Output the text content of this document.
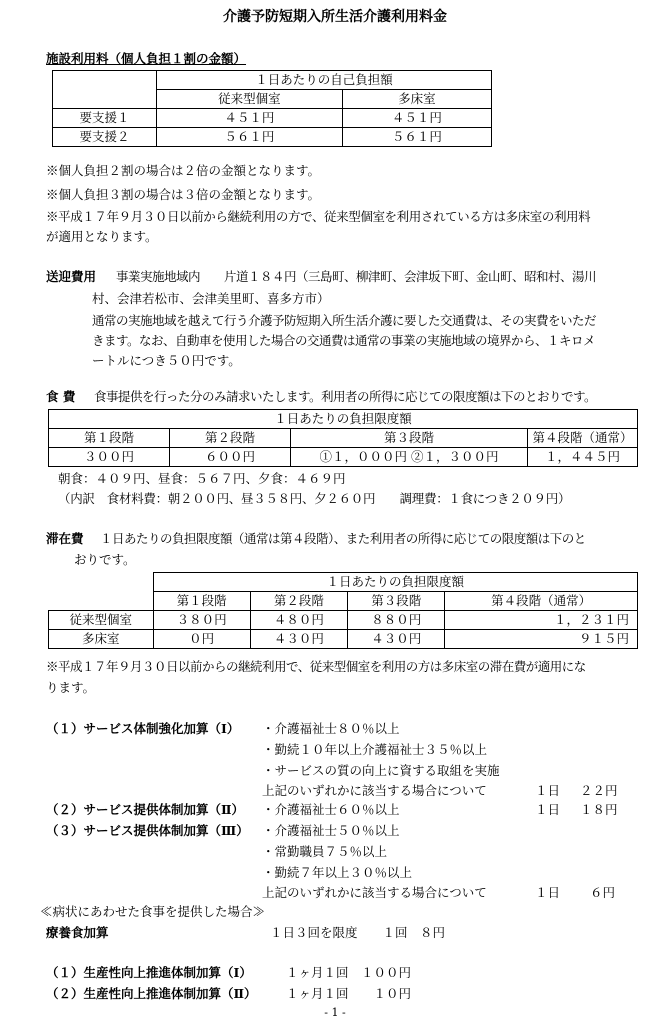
介護予防短期入所生活介護利用料金
施設利用料（個人負担１割の金額）
	１日あたりの自己負担額	
	従来型個室	多床室
要支援１	４５１円	４５１円
要支援２	５６１円	５６１円
※個人負担２割の場合は２倍の金額となります。
※個人負担３割の場合は３倍の金額となります。
※平成１７年９月３０日以前から継続利用の方で、従来型個室を利用されている方は多床室の利用料
が適用となります。
送迎費用 事業実施地域内　　片道１８４円（三島町、柳津町、会津坂下町、金山町、昭和村、湯川
村、会津若松市、会津美里町、喜多方市）
通常の実施地域を越えて行う介護予防短期入所生活介護に要した交通費は、その実費をいただ
きます。なお、自動車を使用した場合の交通費は通常の事業の実施地域の境界から、１キロメ
ートルにつき５０円です。
食 費 食事提供を行った分のみ請求いたします。利用者の所得に応じての限度額は下のとおりです。
１日あたりの負担限度額			
第１段階	第２段階	第３段階	第４段階（通常）
３００円	６００円	①１，０００円 ②１，３００円	１，４４５円
朝食：４０９円、昼食：５６７円、夕食：４６９円
（内訳　食材料費：朝２００円、昼３５８円、夕２６０円　　調理費：１食につき２０９円）
滞在費 １日あたりの負担限度額（通常は第４段階）、また利用者の所得に応じての限度額は下のと
おりです。
	１日あたりの負担限度額			
	第１段階	第２段階	第３段階	第４段階（通常）
従来型個室	３８０円	４８０円	８８０円	１，２３１円
多床室	０円	４３０円	４３０円	９１５円
※平成１７年９月３０日以前からの継続利用で、従来型個室を利用の方は多床室の滞在費が適用にな
ります。
（１）サービス体制強化加算（Ⅰ） ・介護福祉士８０％以上
・勤続１０年以上介護福祉士３５％以上
・サービスの質の向上に資する取組を実施
上記のいずれかに該当する場合について	１日 ２２円
（２）サービス提供体制加算（Ⅱ） ・介護福祉士６０％以上	１日 １８円
（３）サービス提供体制加算（Ⅲ） ・介護福祉士５０％以上
・常勤職員７５％以上
・勤続７年以上３０％以上
上記のいずれかに該当する場合について	１日 ６円
≪病状にあわせた食事を提供した場合≫
療養食加算	１日３回を限度　　１回　８円
（１）生産性向上推進体制加算（Ⅰ）	１ヶ月１回　１００円
（２）生産性向上推進体制加算（Ⅱ） １ヶ月１回　　１０円
- 1 -
